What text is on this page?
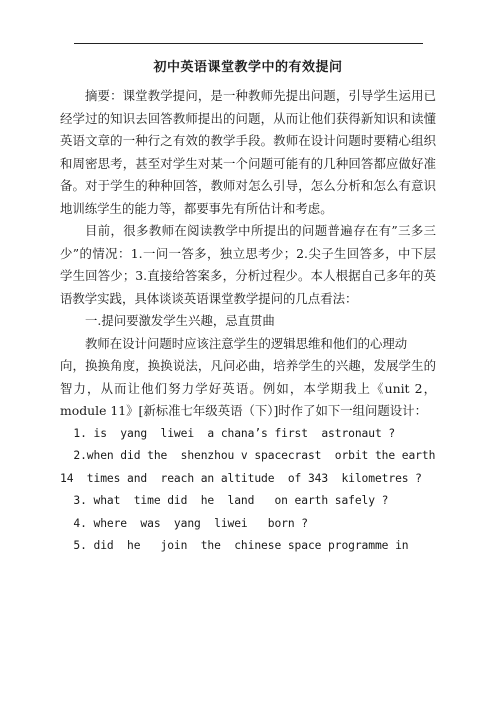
初中英语课堂教学中的有效提问

摘要：课堂教学提问，是一种教师先提出问题，引导学生运用已经学过的知识去回答教师提出的问题，从而让他们获得新知识和读懂英语文章的一种行之有效的教学手段。教师在设计问题时要精心组织和周密思考，甚至对学生对某一个问题可能有的几种回答都应做好准备。对于学生的种种回答，教师对怎么引导，怎么分析和怎么有意识地训练学生的能力等，都要事先有所估计和考虑。

目前，很多教师在阅读教学中所提出的问题普遍存在有”三多三少”的情况：1.一问一答多，独立思考少；2.尖子生回答多，中下层学生回答少；3.直接给答案多，分析过程少。本人根据自己多年的英语教学实践，具体谈谈英语课堂教学提问的几点看法：

一.提问要激发学生兴趣，忌直贯曲

教师在设计问题时应该注意学生的逻辑思维和他们的心理动

向，换换角度，换换说法，凡问必曲，培养学生的兴趣，发展学生的智力，从而让他们努力学好英语。例如，本学期我上《unit 2，module 11》[新标准七年级英语（下）]时作了如下一组问题设计：

1. is  yang  liwei  a chana’s first  astronaut ?
2.when did the  shenzhou v spacecrast  orbit the earth
14  times and  reach an altitude  of 343  kilometres ?
3. what  time did  he  land   on earth safely ?
4. where  was  yang  liwei   born ?
5. did  he   join  the  chinese space programme in
